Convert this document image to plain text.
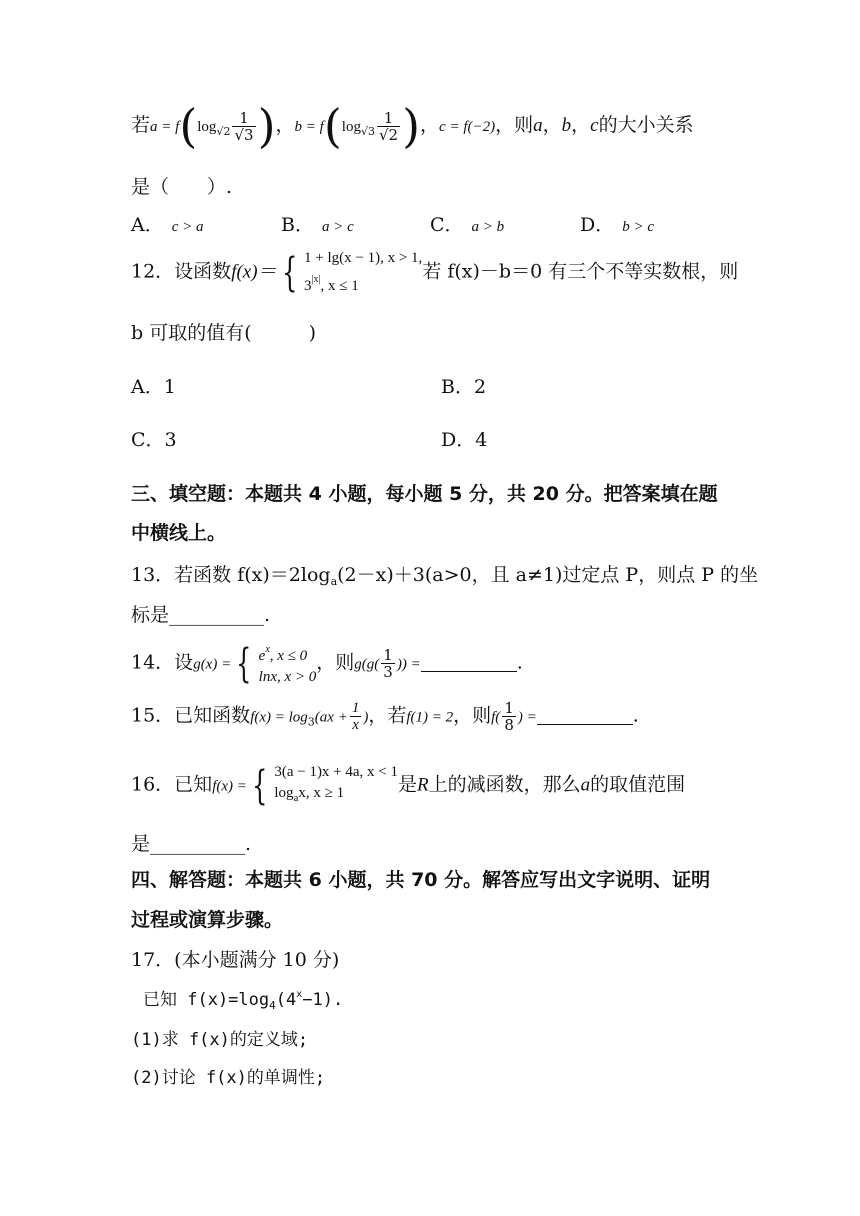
若$a = f(\log_{√2} \frac{1}{√3}$ )，$b = f(\log_{√3} \frac{1}{√2}$ )，c = f(−2)，则a，b，c的大小关系
是（　　）.
A． c > a	B． a > c	C． a > b	D． b > c
12．设函数f(x)＝ { 1 + lg(x − 1), x > 1,
$3^{|x|}$, x ≤ 1
若 f(x)－b＝0 有三个不等实数根，则
b 可取的值有(　　　)
A．1	B．2
C．3	D．4
三、填空题：本题共 4 小题，每小题 5 分，共 20 分。把答案填在题
中横线上。
13．若函数 $f(x)=2\log_a(2-x)+3(a>0$，且 a≠1)过定点 P，则点 P 的坐
标是__________.
14．设g(x) = { $e^x$, x ≤ 0
lnx, x > 0
，则$g(g( \frac{1}{3}$ )) =	.
15．已知函数$f(x) = \log_3(ax + \frac{1}{x}$ )，若f(1) = 2，则$f( \frac{1}{8}$ ) =	.
16．已知f(x) = { 3(a − 1)x + 4a, x < 1
$\log_ax$, x ≥ 1	是R上的减函数，那么a的取值范围
是__________.
四、解答题：本题共 6 小题，共 70 分。解答应写出文字说明、证明
过程或演算步骤。
17．(本小题满分 10 分)
已知 $f(x)=\log_4(4^x-1)$.
(1)求 f(x)的定义域;
(2)讨论 f(x)的单调性;
